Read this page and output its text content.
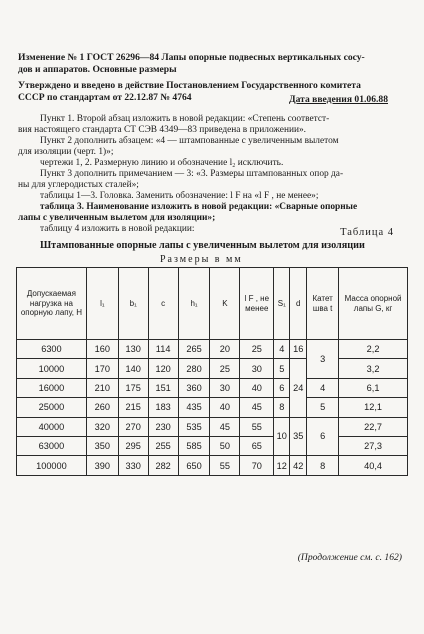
Изменение № 1 ГОСТ 26296—84 Лапы опорные подвесных вертикальных сосу-
дов и аппаратов. Основные размеры
Утверждено и введено в действие Постановлением Государственного комитета
СССР по стандартам от 22.12.87 № 4764	Дата введения 01.06.88
Пункт 1. Второй абзац изложить в новой редакции: «Степень соответст-
вия настоящего стандарта СТ СЭВ 4349—83 приведена в приложении».
Пункт 2 дополнить абзацем: «4 — штампованные с увеличенным вылетом
для изоляции (черт. 1)»;
чертежи 1, 2. Размерную линию и обозначение l₂ исключить.
Пункт 3 дополнить примечанием — 3: «3. Размеры штампованных опор да-
ны для углеродистых сталей»;
таблицы 1—3. Головка. Заменить обозначение: l F на «l F , не менее»;
таблица 3. Наименование изложить в новой редакции: «Сварные опорные
лапы с увеличенным вылетом для изоляции»;
таблицу 4 изложить в новой редакции:	Таблица 4
Штампованные опорные лапы с увеличенным вылетом для изоляции
Размеры в мм
Допускаемая нагрузка на опорную лапу, Н	l₁	b₁	c	h₁	K	l F , не менее	S₁	d	Катет шва t	Масса опорной лапы G, кг
6300	160	130	114	265	20	25	4	16	3	2,2
10000	170	140	120	280	25	30	5	24		3,2
16000	210	175	151	360	30	40	6		4	6,1
25000	260	215	183	435	40	45	8		5	12,1
40000	320	270	230	535	45	55	10	35	6	22,7
63000	350	295	255	585	50	65				27,3
100000	390	330	282	650	55	70	12	42	8	40,4
(Продолжение см. с. 162)
